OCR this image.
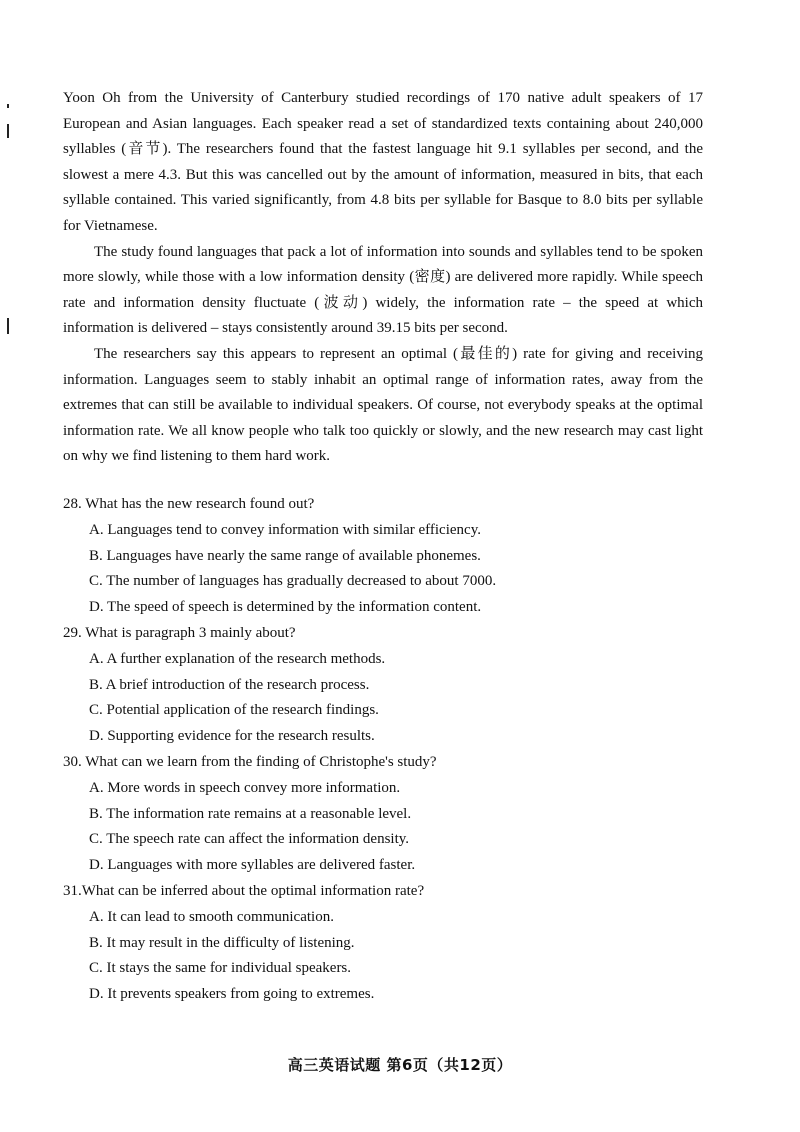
Yoon Oh from the University of Canterbury studied recordings of 170 native adult speakers of 17 European and Asian languages. Each speaker read a set of standardized texts containing about 240,000 syllables (音节). The researchers found that the fastest language hit 9.1 syllables per second, and the slowest a mere 4.3. But this was cancelled out by the amount of information, measured in bits, that each syllable contained. This varied significantly, from 4.8 bits per syllable for Basque to 8.0 bits per syllable for Vietnamese.

The study found languages that pack a lot of information into sounds and syllables tend to be spoken more slowly, while those with a low information density (密度) are delivered more rapidly. While speech rate and information density fluctuate (波动) widely, the information rate – the speed at which information is delivered – stays consistently around 39.15 bits per second.

The researchers say this appears to represent an optimal (最佳的) rate for giving and receiving information. Languages seem to stably inhabit an optimal range of information rates, away from the extremes that can still be available to individual speakers. Of course, not everybody speaks at the optimal information rate. We all know people who talk too quickly or slowly, and the new research may cast light on why we find listening to them hard work.

28. What has the new research found out?
A. Languages tend to convey information with similar efficiency.
B. Languages have nearly the same range of available phonemes.
C. The number of languages has gradually decreased to about 7000.
D. The speed of speech is determined by the information content.
29. What is paragraph 3 mainly about?
A. A further explanation of the research methods.
B. A brief introduction of the research process.
C. Potential application of the research findings.
D. Supporting evidence for the research results.
30. What can we learn from the finding of Christophe's study?
A. More words in speech convey more information.
B. The information rate remains at a reasonable level.
C. The speech rate can affect the information density.
D. Languages with more syllables are delivered faster.
31.What can be inferred about the optimal information rate?
A. It can lead to smooth communication.
B. It may result in the difficulty of listening.
C. It stays the same for individual speakers.
D. It prevents speakers from going to extremes.
高三英语试题 第6页（共12页）
